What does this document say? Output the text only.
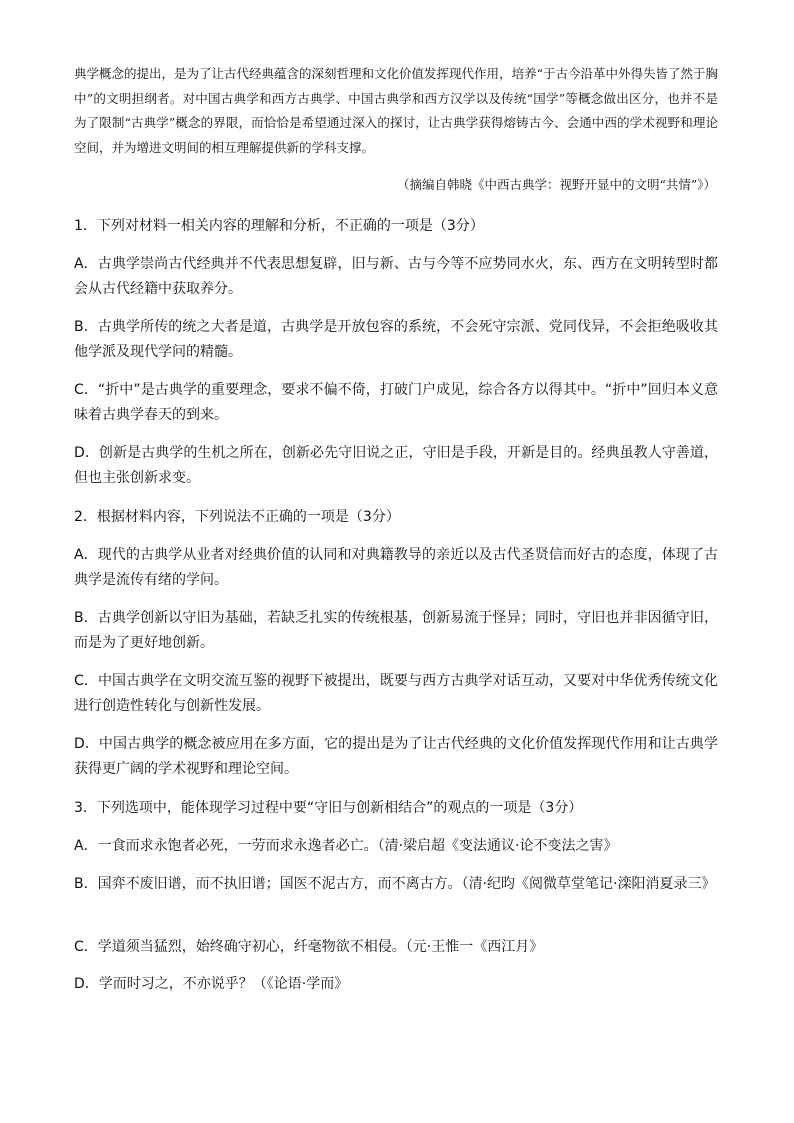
典学概念的提出，是为了让古代经典蕴含的深刻哲理和文化价值发挥现代作用，培养“于古今沿革中外得失皆了然于胸中”的文明担纲者。对中国古典学和西方古典学、中国古典学和西方汉学以及传统“国学”等概念做出区分，也并不是为了限制“古典学”概念的界限，而恰恰是希望通过深入的探讨，让古典学获得熔铸古今、会通中西的学术视野和理论空间，并为增进文明间的相互理解提供新的学科支撑。

（摘编自韩晓《中西古典学：视野开显中的文明“共情”》）

1．下列对材料一相关内容的理解和分析，不正确的一项是（3分）

A．古典学崇尚古代经典并不代表思想复辟，旧与新、古与今等不应势同水火，东、西方在文明转型时都会从古代经籍中获取养分。

B．古典学所传的统之大者是道，古典学是开放包容的系统，不会死守宗派、党同伐异，不会拒绝吸收其他学派及现代学问的精髓。

C．“折中”是古典学的重要理念，要求不偏不倚，打破门户成见，综合各方以得其中。“折中”回归本义意味着古典学春天的到来。

D．创新是古典学的生机之所在，创新必先守旧说之正，守旧是手段，开新是目的。经典虽教人守善道，但也主张创新求变。

2．根据材料内容，下列说法不正确的一项是（3分）

A．现代的古典学从业者对经典价值的认同和对典籍教导的亲近以及古代圣贤信而好古的态度，体现了古典学是流传有绪的学问。

B．古典学创新以守旧为基础，若缺乏扎实的传统根基，创新易流于怪异；同时，守旧也并非因循守旧，而是为了更好地创新。

C．中国古典学在文明交流互鉴的视野下被提出，既要与西方古典学对话互动，又要对中华优秀传统文化进行创造性转化与创新性发展。

D．中国古典学的概念被应用在多方面，它的提出是为了让古代经典的文化价值发挥现代作用和让古典学获得更广阔的学术视野和理论空间。

3．下列选项中，能体现学习过程中要“守旧与创新相结合”的观点的一项是（3分）

A．一食而求永饱者必死，一劳而求永逸者必亡。（清·梁启超《变法通议·论不变法之害》

B．国弈不废旧谱，而不执旧谱；国医不泥古方，而不离古方。（清·纪昀《阅微草堂笔记·滦阳消夏录三》

C．学道须当猛烈，始终确守初心，纤毫物欲不相侵。（元·王惟一《西江月》

D．学而时习之，不亦说乎？（《论语·学而》
